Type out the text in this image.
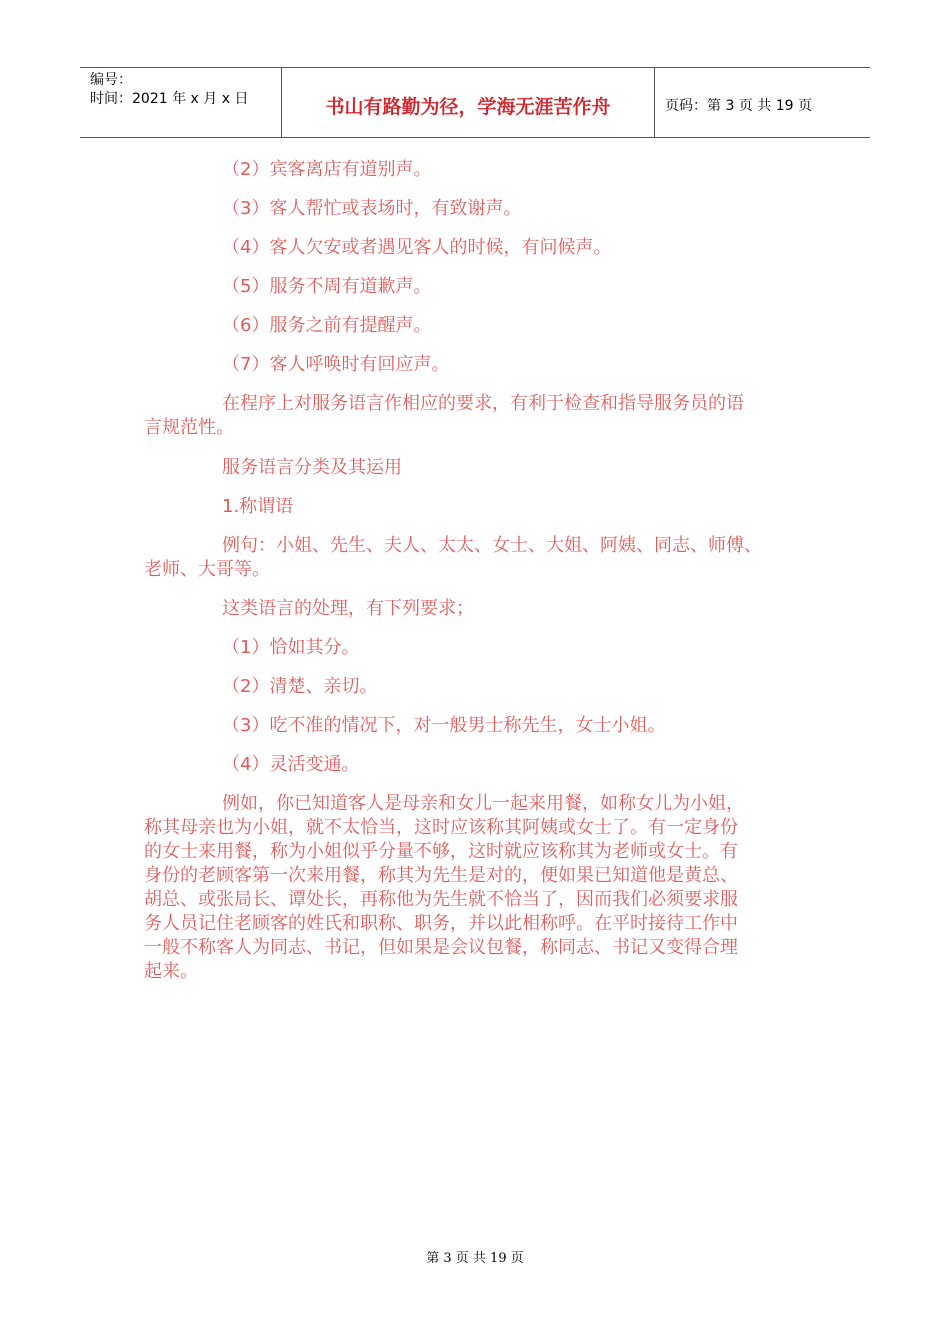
编号：
时间：2021 年 x 月 x 日	书山有路勤为径，学海无涯苦作舟	页码：第 3 页 共 19 页
（2）宾客离店有道别声。
（3）客人帮忙或表场时，有致谢声。
（4）客人欠安或者遇见客人的时候，有问候声。
（5）服务不周有道歉声。
（6）服务之前有提醒声。
（7）客人呼唤时有回应声。
在程序上对服务语言作相应的要求，有利于检查和指导服务员的语
言规范性。
服务语言分类及其运用
1.称谓语
例句：小姐、先生、夫人、太太、女士、大姐、阿姨、同志、师傅、
老师、大哥等。
这类语言的处理，有下列要求；
（1）恰如其分。
（2）清楚、亲切。
（3）吃不准的情况下，对一般男士称先生，女士小姐。
（4）灵活变通。
例如，你已知道客人是母亲和女儿一起来用餐，如称女儿为小姐，
称其母亲也为小姐，就不太恰当，这时应该称其阿姨或女士了。有一定身份
的女士来用餐，称为小姐似乎分量不够，这时就应该称其为老师或女士。有
身份的老顾客第一次来用餐，称其为先生是对的，便如果已知道他是黄总、
胡总、或张局长、谭处长，再称他为先生就不恰当了，因而我们必须要求服
务人员记住老顾客的姓氏和职称、职务，并以此相称呼。在平时接待工作中
一般不称客人为同志、书记，但如果是会议包餐，称同志、书记又变得合理
起来。
第 3 页 共 19 页
